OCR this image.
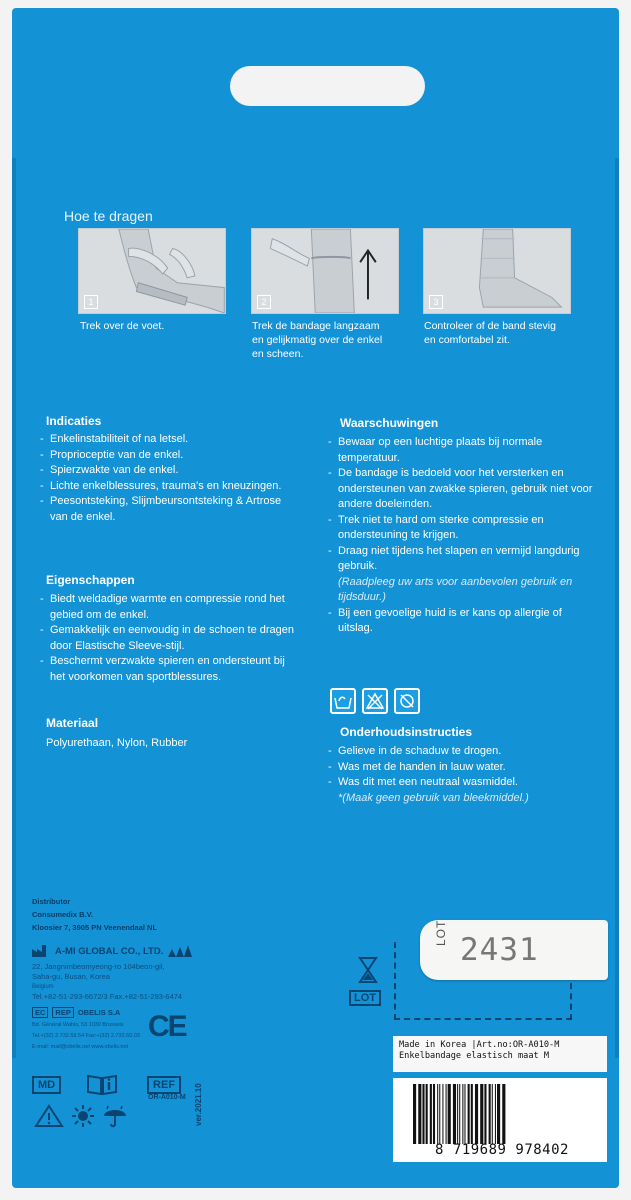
Hoe te dragen
1	2	3
Trek over de voet.	Trek de bandage langzaam en gelijkmatig over de enkel en scheen.
Controleer of de band stevig en comfortabel zit.
Indicaties
- Enkelinstabiliteit of na letsel.
- Proprioceptie van de enkel.
- Spierzwakte van de enkel.
- Lichte enkelblessures, trauma's en kneuzingen.
- Peesontsteking, Slijmbeursontsteking & Artrose van de enkel.
Eigenschappen
- Biedt weldadige warmte en compressie rond het gebied om de enkel.
- Gemakkelijk en eenvoudig in de schoen te dragen door Elastische Sleeve-stijl.
- Beschermt verzwakte spieren en ondersteunt bij het voorkomen van sportblessures.
Materiaal
Polyurethaan, Nylon, Rubber
Waarschuwingen
- Bewaar op een luchtige plaats bij normale temperatuur.
- De bandage is bedoeld voor het versterken en ondersteunen van zwakke spieren, gebruik niet voor andere doeleinden.
- Trek niet te hard om sterke compressie en ondersteuning te krijgen.
- Draag niet tijdens het slapen en vermijd langdurig gebruik.
(Raadpleeg uw arts voor aanbevolen gebruik en tijdsduur.)
- Bij een gevoelige huid is er kans op allergie of uitslag.
Onderhoudsinstructies
- Gelieve in de schaduw te drogen.
- Was met de handen in lauw water.
- Was dit met een neutraal wasmiddel.
*(Maak geen gebruik van bleekmiddel.)
Distributor
Consumedix B.V.
Kloosier 7, 3905 PN Veenendaal NL
A-MI GLOBAL CO., LTD.
22, Jangnimbeomyeong-ro 104beon-gil,
Saha-gu, Busan, Korea
Belgium
Tel.+82-51-293-6672/3 Fax.+82-51-293-6474
EC	REP OBELIS S.A
Bd. Général Wahis, 53 1030 Brussels
Tel.+(32) 2.732.59.54 Fax:+(32) 2.732.60.03
E-mail: mail@obelis.net www.obelis.net
CE
MD	REF
OR-A010-M ver.2021.10
LOT
LOT 2431
Made in Korea |Art.no:OR-A010-M
Enkelbandage elastisch maat M
8 719689 978402
